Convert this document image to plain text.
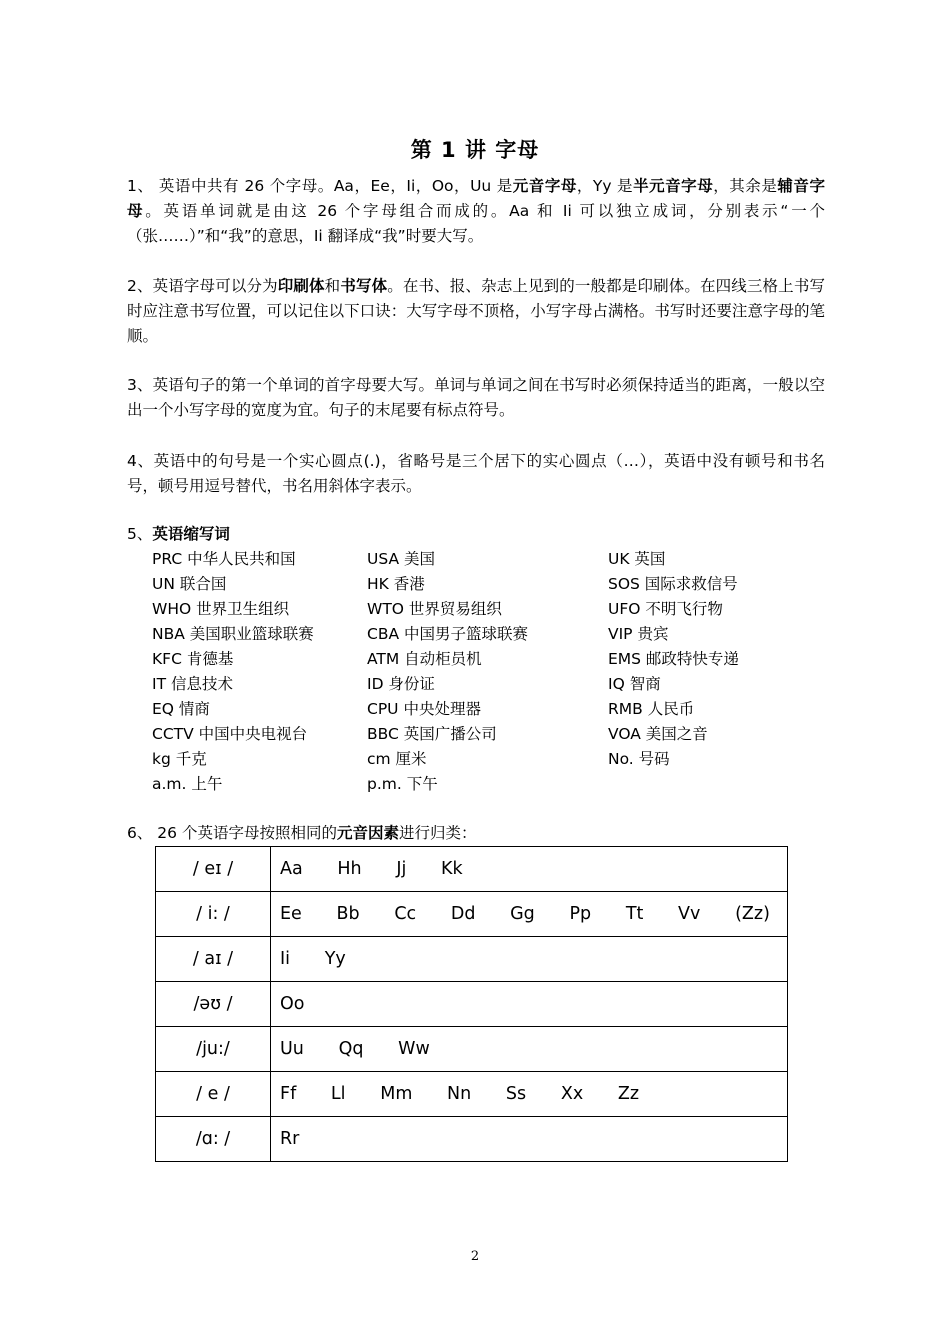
第 1 讲 字母
1、 英语中共有 26 个字母。Aa，Ee，Ii，Oo，Uu 是元音字母，Yy 是半元音字母，其余是辅音字母。英语单词就是由这 26 个字母组合而成的。Aa 和 Ii 可以独立成词，分别表示“一个（张……）”和“我”的意思，Ii 翻译成“我”时要大写。
2、英语字母可以分为印刷体和书写体。在书、报、杂志上见到的一般都是印刷体。在四线三格上书写时应注意书写位置，可以记住以下口诀：大写字母不顶格，小写字母占满格。书写时还要注意字母的笔顺。
3、英语句子的第一个单词的首字母要大写。单词与单词之间在书写时必须保持适当的距离，一般以空出一个小写字母的宽度为宜。句子的末尾要有标点符号。
4、英语中的句号是一个实心圆点(.)，省略号是三个居下的实心圆点（…），英语中没有顿号和书名号，顿号用逗号替代，书名用斜体字表示。
5、英语缩写词
PRC 中华人民共和国	USA 美国	UK 英国
UN 联合国	HK 香港	SOS 国际求救信号
WHO 世界卫生组织	WTO 世界贸易组织	UFO 不明飞行物
NBA 美国职业篮球联赛	CBA 中国男子篮球联赛	VIP 贵宾
KFC 肯德基	ATM 自动柜员机	EMS 邮政特快专递
IT 信息技术	ID 身份证	IQ 智商
EQ 情商	CPU 中央处理器	RMB 人民币
CCTV 中国中央电视台	BBC 英国广播公司	VOA 美国之音
kg 千克	cm 厘米	No. 号码
a.m. 上午	p.m. 下午
6、 26 个英语字母按照相同的元音因素进行归类：
/ eɪ /	Aa   Hh   Jj   Kk
/ i: /	Ee   Bb   Cc   Dd   Gg   Pp   Tt   Vv   (Zz)
/ aɪ /	Ii   Yy
/əʊ /	Oo
/ju:/	Uu   Qq   Ww
/ e /	Ff   Ll   Mm   Nn   Ss   Xx   Zz
/ɑ: /	Rr
2
